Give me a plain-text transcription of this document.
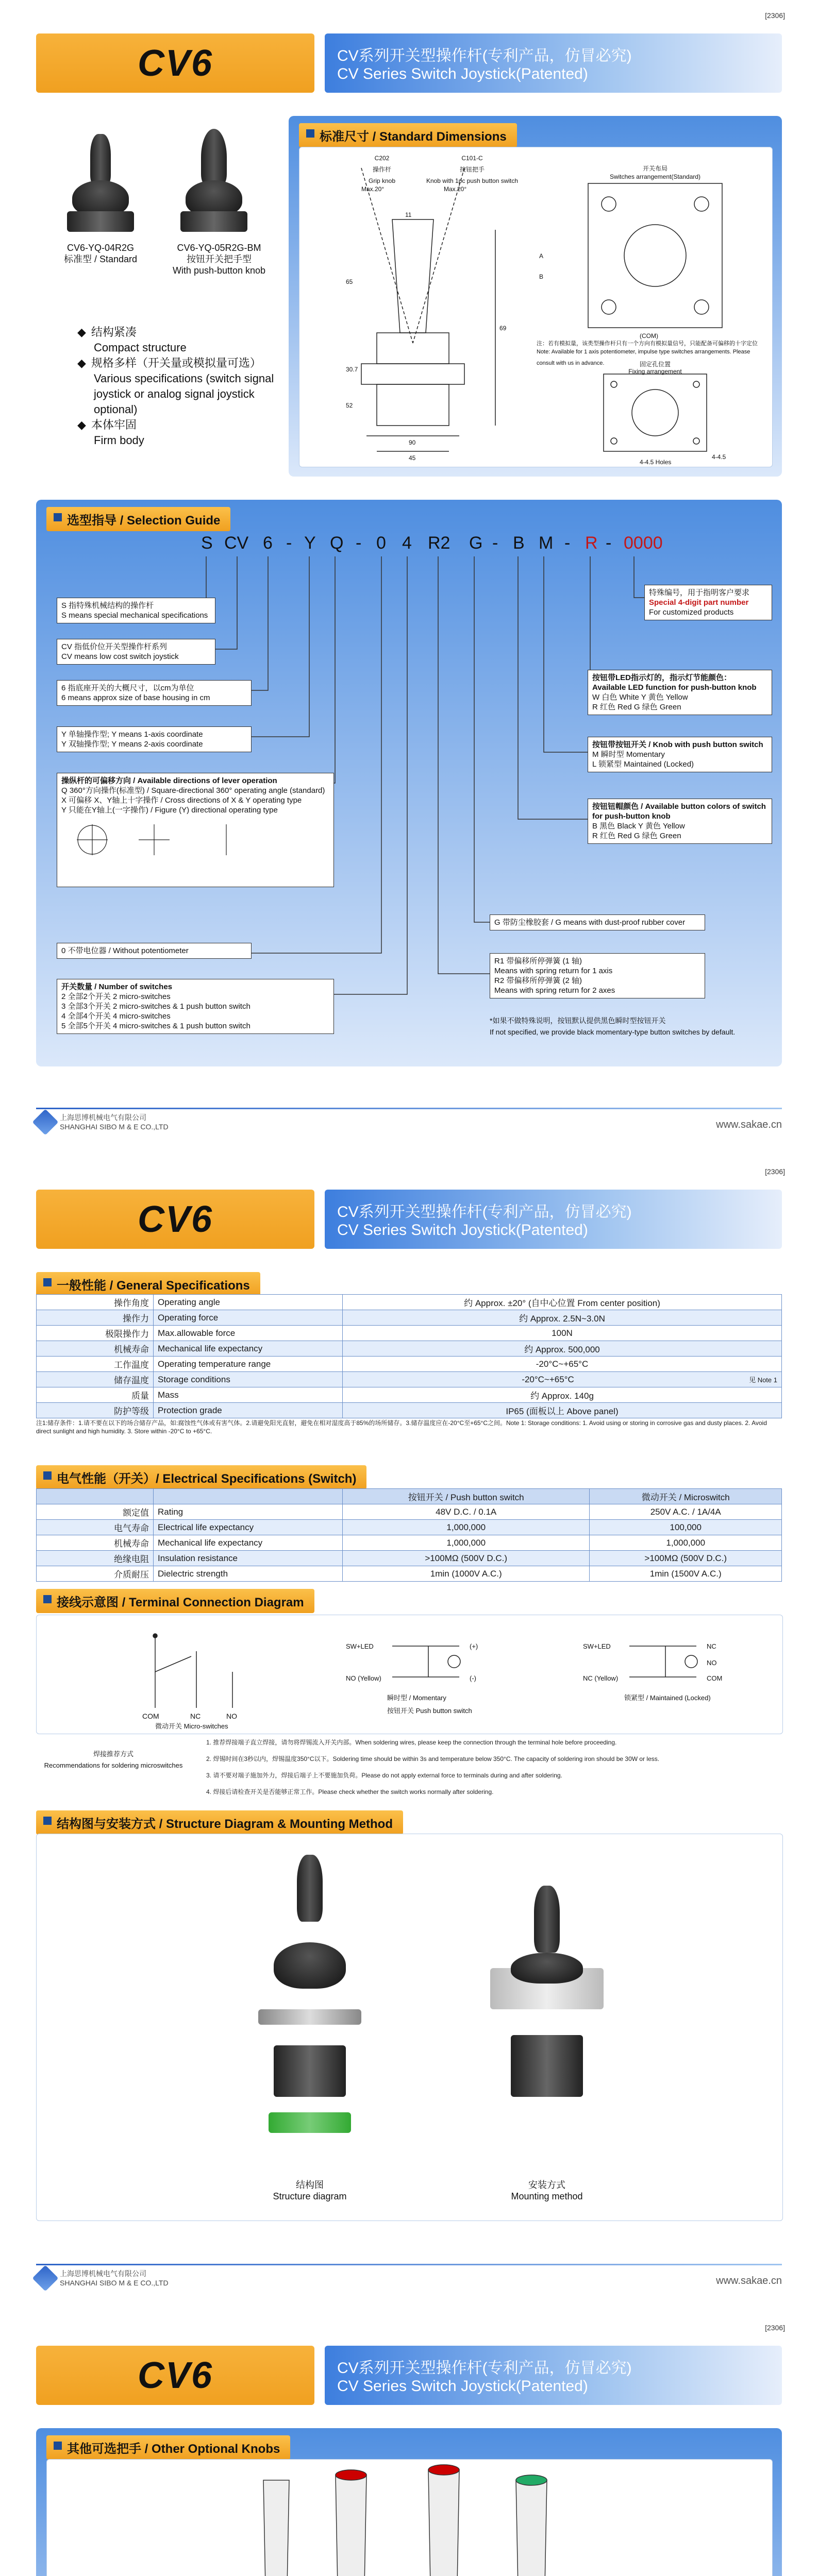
[2306]
CV6	CV系列开关型操作杆(专利产品，仿冒必究)
CV Series Switch Joystick(Patented)
CV6-YQ-04R2G
标准型 / Standard
CV6-YQ-05R2G-BM
按钮开关把手型
With push-button knob
◆ 结构紧凑
Compact structure
◆ 规格多样（开关量或模拟量可选）
Various specifications (switch signal joystick or analog signal joystick optional)
◆ 本体牢固
Firm body
标准尺寸 / Standard Dimensions
C202
操作杆
Grip knob
C101-C
按钮把手
Knob with 1pc push button switch
Max.20°	Max.20°
11
69
65
30.7
52
90
45	4-4.5
A
B
开关布局
Switches arrangement(Standard)
(COM)
4-4.5 Holes
固定孔位置
Fixing arrangement
注：若有模拟量，该类型操作杆只有一个方向有模拟量信号，只能配备可偏移的十字定位
Note: Available for 1 axis potentiometer, impulse type switches arrangements. Please consult with us in advance.
选型指导 / Selection Guide
S CV 6 - Y Q - 0 4 R2 G - B M - R - 0000
S 指特殊机械结构的操作杆
S means special mechanical specifications
CV 指低价位开关型操作杆系列
CV means low cost switch joystick
6 指底座开关的大概尺寸，以cm为单位
6 means approx size of base housing in cm
Y 单轴操作型; Y means 1-axis coordinate
Y 双轴操作型; Y means 2-axis coordinate
操纵杆的可偏移方向 / Available directions of lever operation
Q 360°方向操作(标准型) / Square-directional 360° operating angle (standard)
X 可偏移 X、Y轴上十字操作 / Cross directions of X & Y operating type
Y 只能在Y轴上(一字操作) / Figure (Y) directional operating type
0 不带电位器 / Without potentiometer
开关数量 / Number of switches
2 全部2个开关 2 micro-switches
3 全部3个开关 2 micro-switches & 1 push button switch
4 全部4个开关 4 micro-switches
5 全部5个开关 4 micro-switches & 1 push button switch
特殊编号，用于指明客户要求
Special 4-digit part number
For customized products
按钮带LED指示灯的，指示灯节能颜色：
Available LED function for push-button knob
W 白色 White Y 黄色 Yellow
R 红色 Red G 绿色 Green
按钮带按钮开关 / Knob with push button switch
M 瞬时型 Momentary
L 锁紧型 Maintained (Locked)
按钮钮帽颜色 / Available button colors of switch for push-button knob
B 黑色 Black Y 黄色 Yellow
R 红色 Red G 绿色 Green
G 带防尘橡胶套 / G means with dust-proof rubber cover
R1 带偏移所停弹簧 (1 轴)
Means with spring return for 1 axis
R2 带偏移所停弹簧 (2 轴)
Means with spring return for 2 axes
*如果不做特殊说明，按钮默认提供黑色瞬时型按钮开关
If not specified, we provide black momentary-type button switches by default.
上海思博机械电气有限公司
SHANGHAI SIBO M & E CO.,LTD	www.sakae.cn
[2306]
CV6	CV系列开关型操作杆(专利产品，仿冒必究)
CV Series Switch Joystick(Patented)
一般性能 / General Specifications
操作角度	Operating angle	约 Approx. ±20° (自中心位置 From center position)
操作力	Operating force	约 Approx. 2.5N~3.0N
极限操作力	Max.allowable force	100N
机械寿命	Mechanical life expectancy	约 Approx. 500,000
工作温度	Operating temperature range	-20°C~+65°C
储存温度	Storage conditions	-20°C~+65°C 见 Note 1

质量	Mass	约 Approx. 140g
防护等级	Protection grade	IP65 (面板以上 Above panel)
注1:储存条件：1.请不要在以下的场合储存产品，如:腐蚀性气体或有害气体。2.请避免阳光直射，避免在相对湿度高于85%的场所储存。3.储存温度应在-20°C至+65°C之间。Note 1: Storage conditions: 1. Avoid using or storing in corrosive gas and dusty places. 2. Avoid direct sunlight and high humidity. 3. Store within -20°C to +65°C.
电气性能（开关）/ Electrical Specifications (Switch)
		按钮开关 / Push button switch	微动开关 / Microswitch
额定值	Rating	48V D.C. / 0.1A	250V A.C. / 1A/4A
电气寿命	Electrical life expectancy	1,000,000	100,000
机械寿命	Mechanical life expectancy	1,000,000	1,000,000
绝缘电阻	Insulation resistance	>100MΩ (500V D.C.)	>100MΩ (500V D.C.)
介质耐压	Dielectric strength	1min (1000V A.C.)	1min (1500V A.C.)
接线示意图 / Terminal Connection Diagram
COM	NC	NO
微动开关 Micro-switches
SW+LED	(+)
(-)
NO (Yellow)
瞬时型 / Momentary
按钮开关 Push button switch
SW+LED
NC (Yellow)
NC
NO
COM
锁紧型 / Maintained (Locked)
焊接推荐方式
Recommendations for soldering microswitches
1. 推荐焊接端子直立焊接，请勿将焊锡流入开关内部。When soldering wires, please keep the connection through the terminal hole before proceeding.
2. 焊锡时间在3秒以内，焊锡温度350°C以下。Soldering time should be within 3s and temperature below 350°C. The capacity of soldering iron should be 30W or less.
3. 请不要对端子施加外力，焊接后端子上不要施加负荷。Please do not apply external force to terminals during and after soldering.
4. 焊接后请检查开关是否能够正常工作。Please check whether the switch works normally after soldering.
结构图与安装方式 / Structure Diagram & Mounting Method
结构图
Structure diagram
安装方式
Mounting method
上海思博机械电气有限公司
SHANGHAI SIBO M & E CO.,LTD	www.sakae.cn
[2306]
CV6	CV系列开关型操作杆(专利产品，仿冒必究)
CV Series Switch Joystick(Patented)
其他可选把手 / Other Optional Knobs
